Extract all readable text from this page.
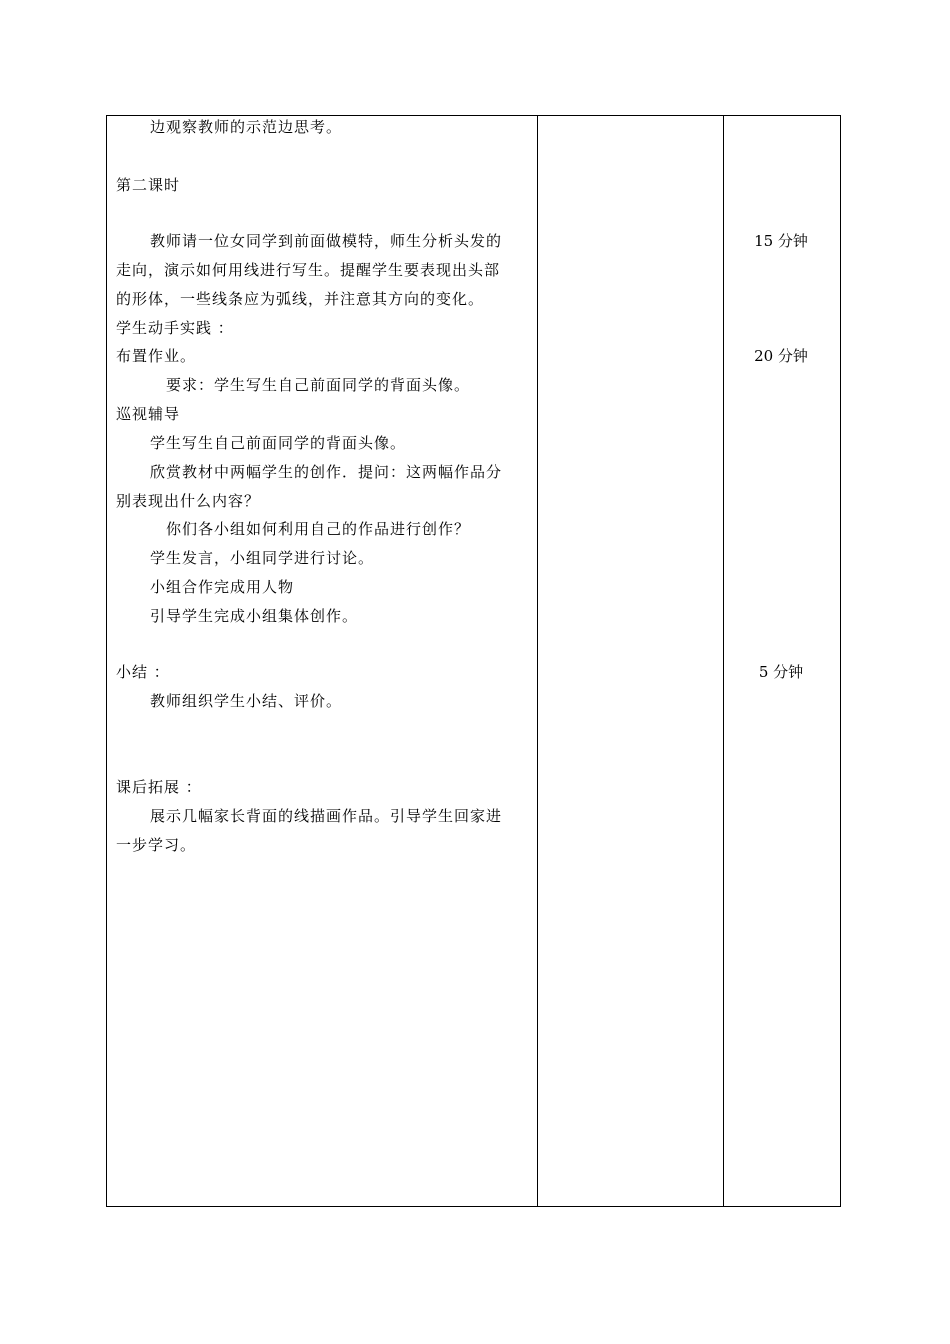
边观察教师的示范边思考。
第二课时
教师请一位女同学到前面做模特，师生分析头发的
走向，演示如何用线进行写生。提醒学生要表现出头部
的形体，一些线条应为弧线，并注意其方向的变化。
学生动手实践 ：
布置作业。
要求：学生写生自己前面同学的背面头像。
巡视辅导
学生写生自己前面同学的背面头像。
欣赏教材中两幅学生的创作．提问：这两幅作品分
别表现出什么内容？
你们各小组如何利用自己的作品进行创作？
学生发言，小组同学进行讨论。
小组合作完成用人物
引导学生完成小组集体创作。
小结 ：
教师组织学生小结、评价。
课后拓展 ：
展示几幅家长背面的线描画作品。引导学生回家进
一步学习。
15 分钟
20 分钟
5 分钟
